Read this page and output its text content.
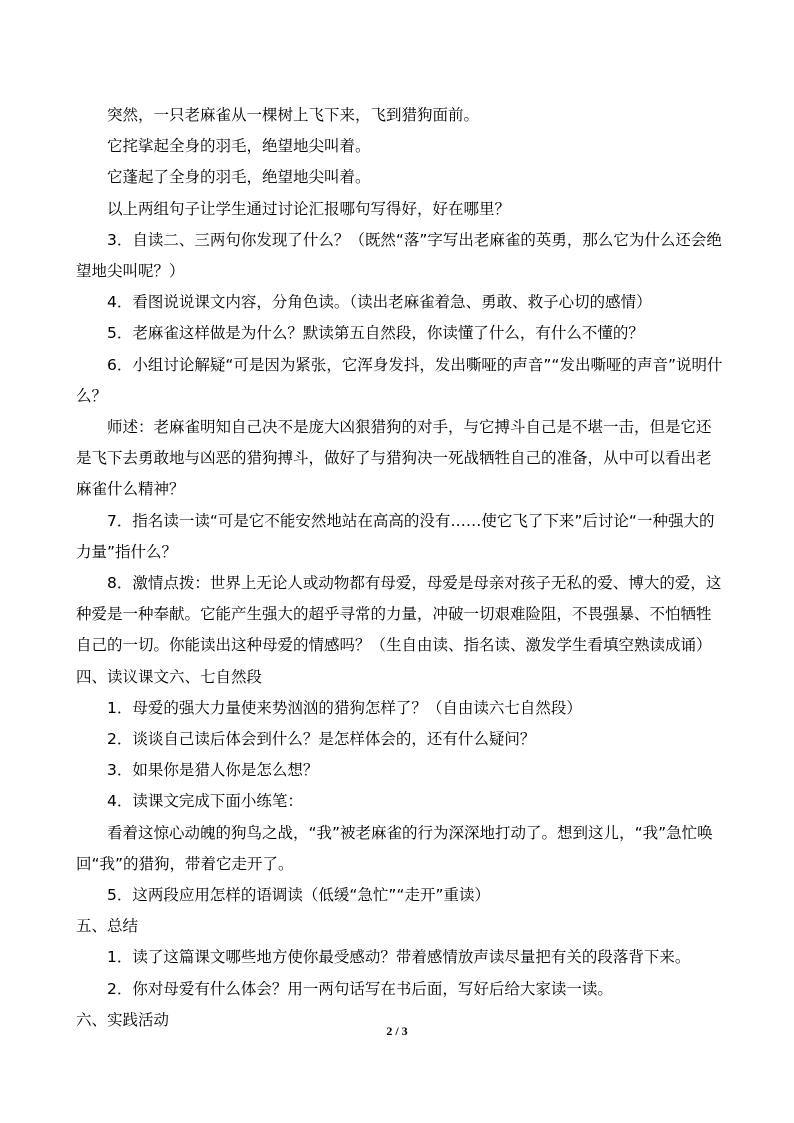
突然，一只老麻雀从一棵树上飞下来，飞到猎狗面前。

它挓挲起全身的羽毛，绝望地尖叫着。

它蓬起了全身的羽毛，绝望地尖叫着。

以上两组句子让学生通过讨论汇报哪句写得好，好在哪里？

3．自读二、三两句你发现了什么？（既然“落”字写出老麻雀的英勇，那么它为什么还会绝望地尖叫呢？）

4．看图说说课文内容，分角色读。（读出老麻雀着急、勇敢、救子心切的感情）

5．老麻雀这样做是为什么？默读第五自然段，你读懂了什么，有什么不懂的？

6．小组讨论解疑“可是因为紧张，它浑身发抖，发出嘶哑的声音”“发出嘶哑的声音”说明什么？

师述：老麻雀明知自己决不是庞大凶狠猎狗的对手，与它搏斗自己是不堪一击，但是它还是飞下去勇敢地与凶恶的猎狗搏斗，做好了与猎狗决一死战牺牲自己的准备，从中可以看出老麻雀什么精神？

7．指名读一读“可是它不能安然地站在高高的没有……使它飞了下来”后讨论“一种强大的力量”指什么？

8．激情点拨：世界上无论人或动物都有母爱，母爱是母亲对孩子无私的爱、博大的爱，这种爱是一种奉献。它能产生强大的超乎寻常的力量，冲破一切艰难险阻，不畏强暴、不怕牺牲自己的一切。你能读出这种母爱的情感吗？（生自由读、指名读、激发学生看填空熟读成诵）

四、读议课文六、七自然段

1．母爱的强大力量使来势汹汹的猎狗怎样了？（自由读六七自然段）

2．谈谈自己读后体会到什么？是怎样体会的，还有什么疑问？

3．如果你是猎人你是怎么想？

4．读课文完成下面小练笔：

看着这惊心动魄的狗鸟之战，“我”被老麻雀的行为深深地打动了。想到这儿，“我”急忙唤回“我”的猎狗，带着它走开了。

5．这两段应用怎样的语调读（低缓“急忙”“走开”重读）

五、总结

1．读了这篇课文哪些地方使你最受感动？带着感情放声读尽量把有关的段落背下来。

2．你对母爱有什么体会？用一两句话写在书后面，写好后给大家读一读。

六、实践活动

2 / 3
